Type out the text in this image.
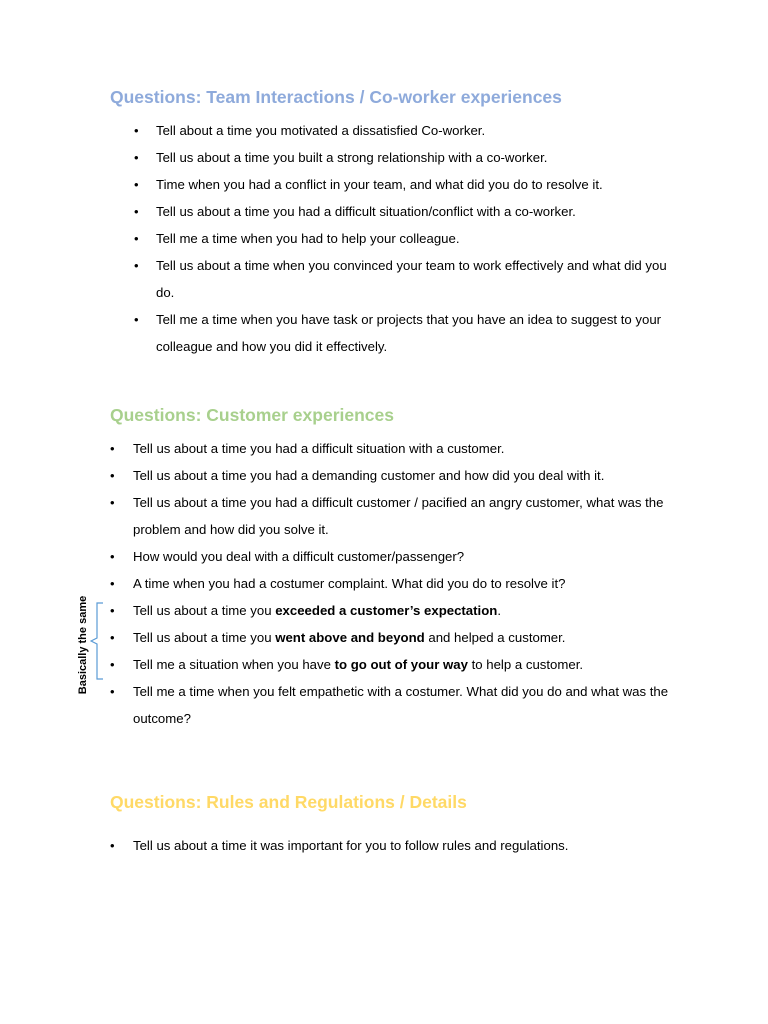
Questions: Team Interactions / Co-worker experiences
• Tell about a time you motivated a dissatisfied Co-worker.
• Tell us about a time you built a strong relationship with a co-worker.
• Time when you had a conflict in your team, and what did you do to resolve it.
• Tell us about a time you had a difficult situation/conflict with a co-worker.
• Tell me a time when you had to help your colleague.
• Tell us about a time when you convinced your team to work effectively and what did you do.
• Tell me a time when you have task or projects that you have an idea to suggest to your colleague and how you did it effectively.
Questions: Customer experiences
• Tell us about a time you had a difficult situation with a customer.
• Tell us about a time you had a demanding customer and how did you deal with it.
• Tell us about a time you had a difficult customer / pacified an angry customer, what was the problem and how did you solve it.
• How would you deal with a difficult customer/passenger?
• A time when you had a costumer complaint. What did you do to resolve it?
• Tell us about a time you exceeded a customer’s expectation.
• Tell us about a time you went above and beyond and helped a customer.
• Tell me a situation when you have to go out of your way to help a customer.
• Tell me a time when you felt empathetic with a costumer. What did you do and what was the outcome?
Basically the same
Questions: Rules and Regulations / Details
• Tell us about a time it was important for you to follow rules and regulations.
